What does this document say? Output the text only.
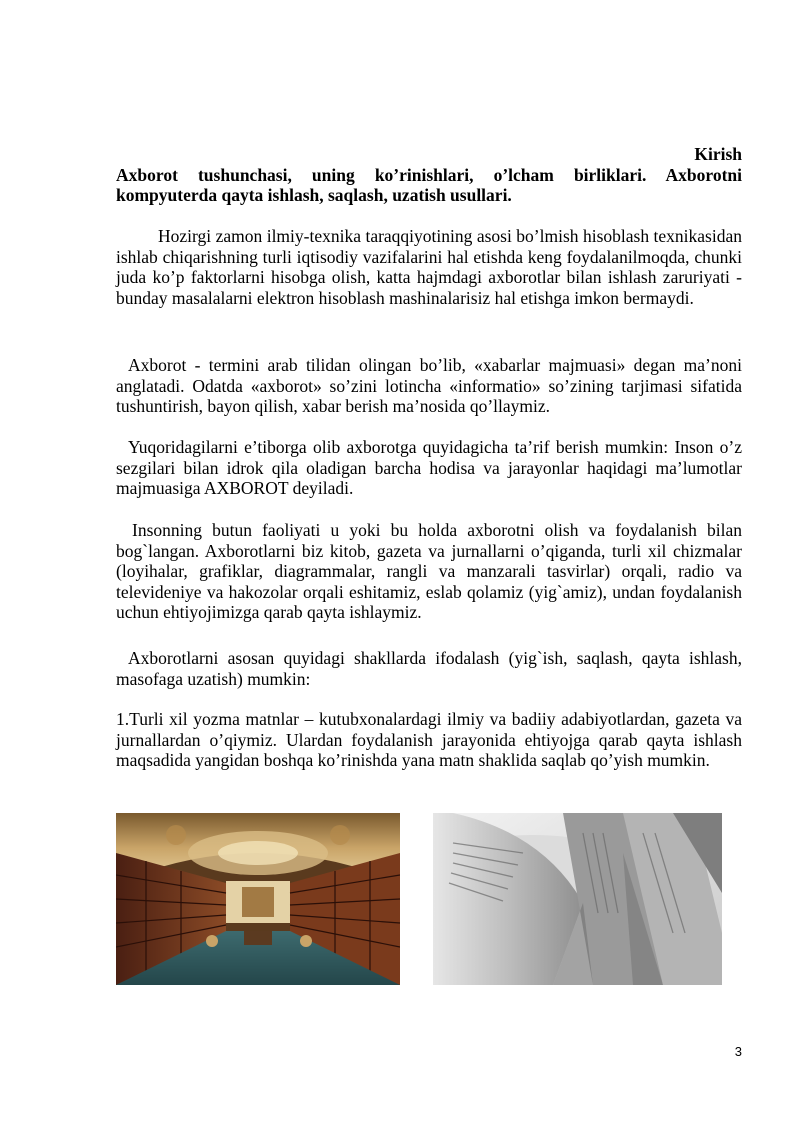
Kirish
Axborot tushunchasi, uning ko’rinishlari, o’lcham birliklari. Axborotni kompyuterda qayta ishlash, saqlash, uzatish usullari.

Hozirgi zamon ilmiy-texnika taraqqiyotining asosi bo’lmish hisoblash texnikasidan ishlab chiqarishning turli iqtisodiy vazifalarini hal etishda keng foydalanilmoqda, chunki juda ko’p faktorlarni hisobga olish, katta hajmdagi axborotlar bilan ishlash zaruriyati - bunday masalalarni elektron hisoblash mashinalarisiz hal etishga imkon bermaydi.

Axborot - termini arab tilidan olingan bo’lib, «xabarlar majmuasi» degan ma’noni anglatadi. Odatda «axborot» so’zini lotincha «informatio» so’zining tarjimasi sifatida tushuntirish, bayon qilish, xabar berish ma’nosida qo’llaymiz.

Yuqoridagilarni e’tiborga olib axborotga quyidagicha ta’rif berish mumkin: Inson o’z sezgilari bilan idrok qila oladigan barcha hodisa va jarayonlar haqidagi ma’lumotlar majmuasiga AXBOROT deyiladi.

Insonning butun faoliyati u yoki bu holda axborotni olish va foydalanish bilan bog`langan. Axborotlarni biz kitob, gazeta va jurnallarni o’qiganda, turli xil chizmalar (loyihalar, grafiklar, diagrammalar, rangli va manzarali tasvirlar) orqali, radio va televideniye va hakozolar orqali eshitamiz, eslab qolamiz (yig`amiz), undan foydalanish uchun ehtiyojimizga qarab qayta ishlaymiz.

Axborotlarni asosan quyidagi shakllarda ifodalash (yig`ish, saqlash, qayta ishlash, masofaga uzatish) mumkin:

1.Turli xil yozma matnlar – kutubxonalardagi ilmiy va badiiy adabiyotlardan, gazeta va jurnallardan o’qiymiz. Ulardan foydalanish jarayonida ehtiyojga qarab qayta ishlash maqsadida yangidan boshqa ko’rinishda yana matn shaklida saqlab qo’yish mumkin.

3
